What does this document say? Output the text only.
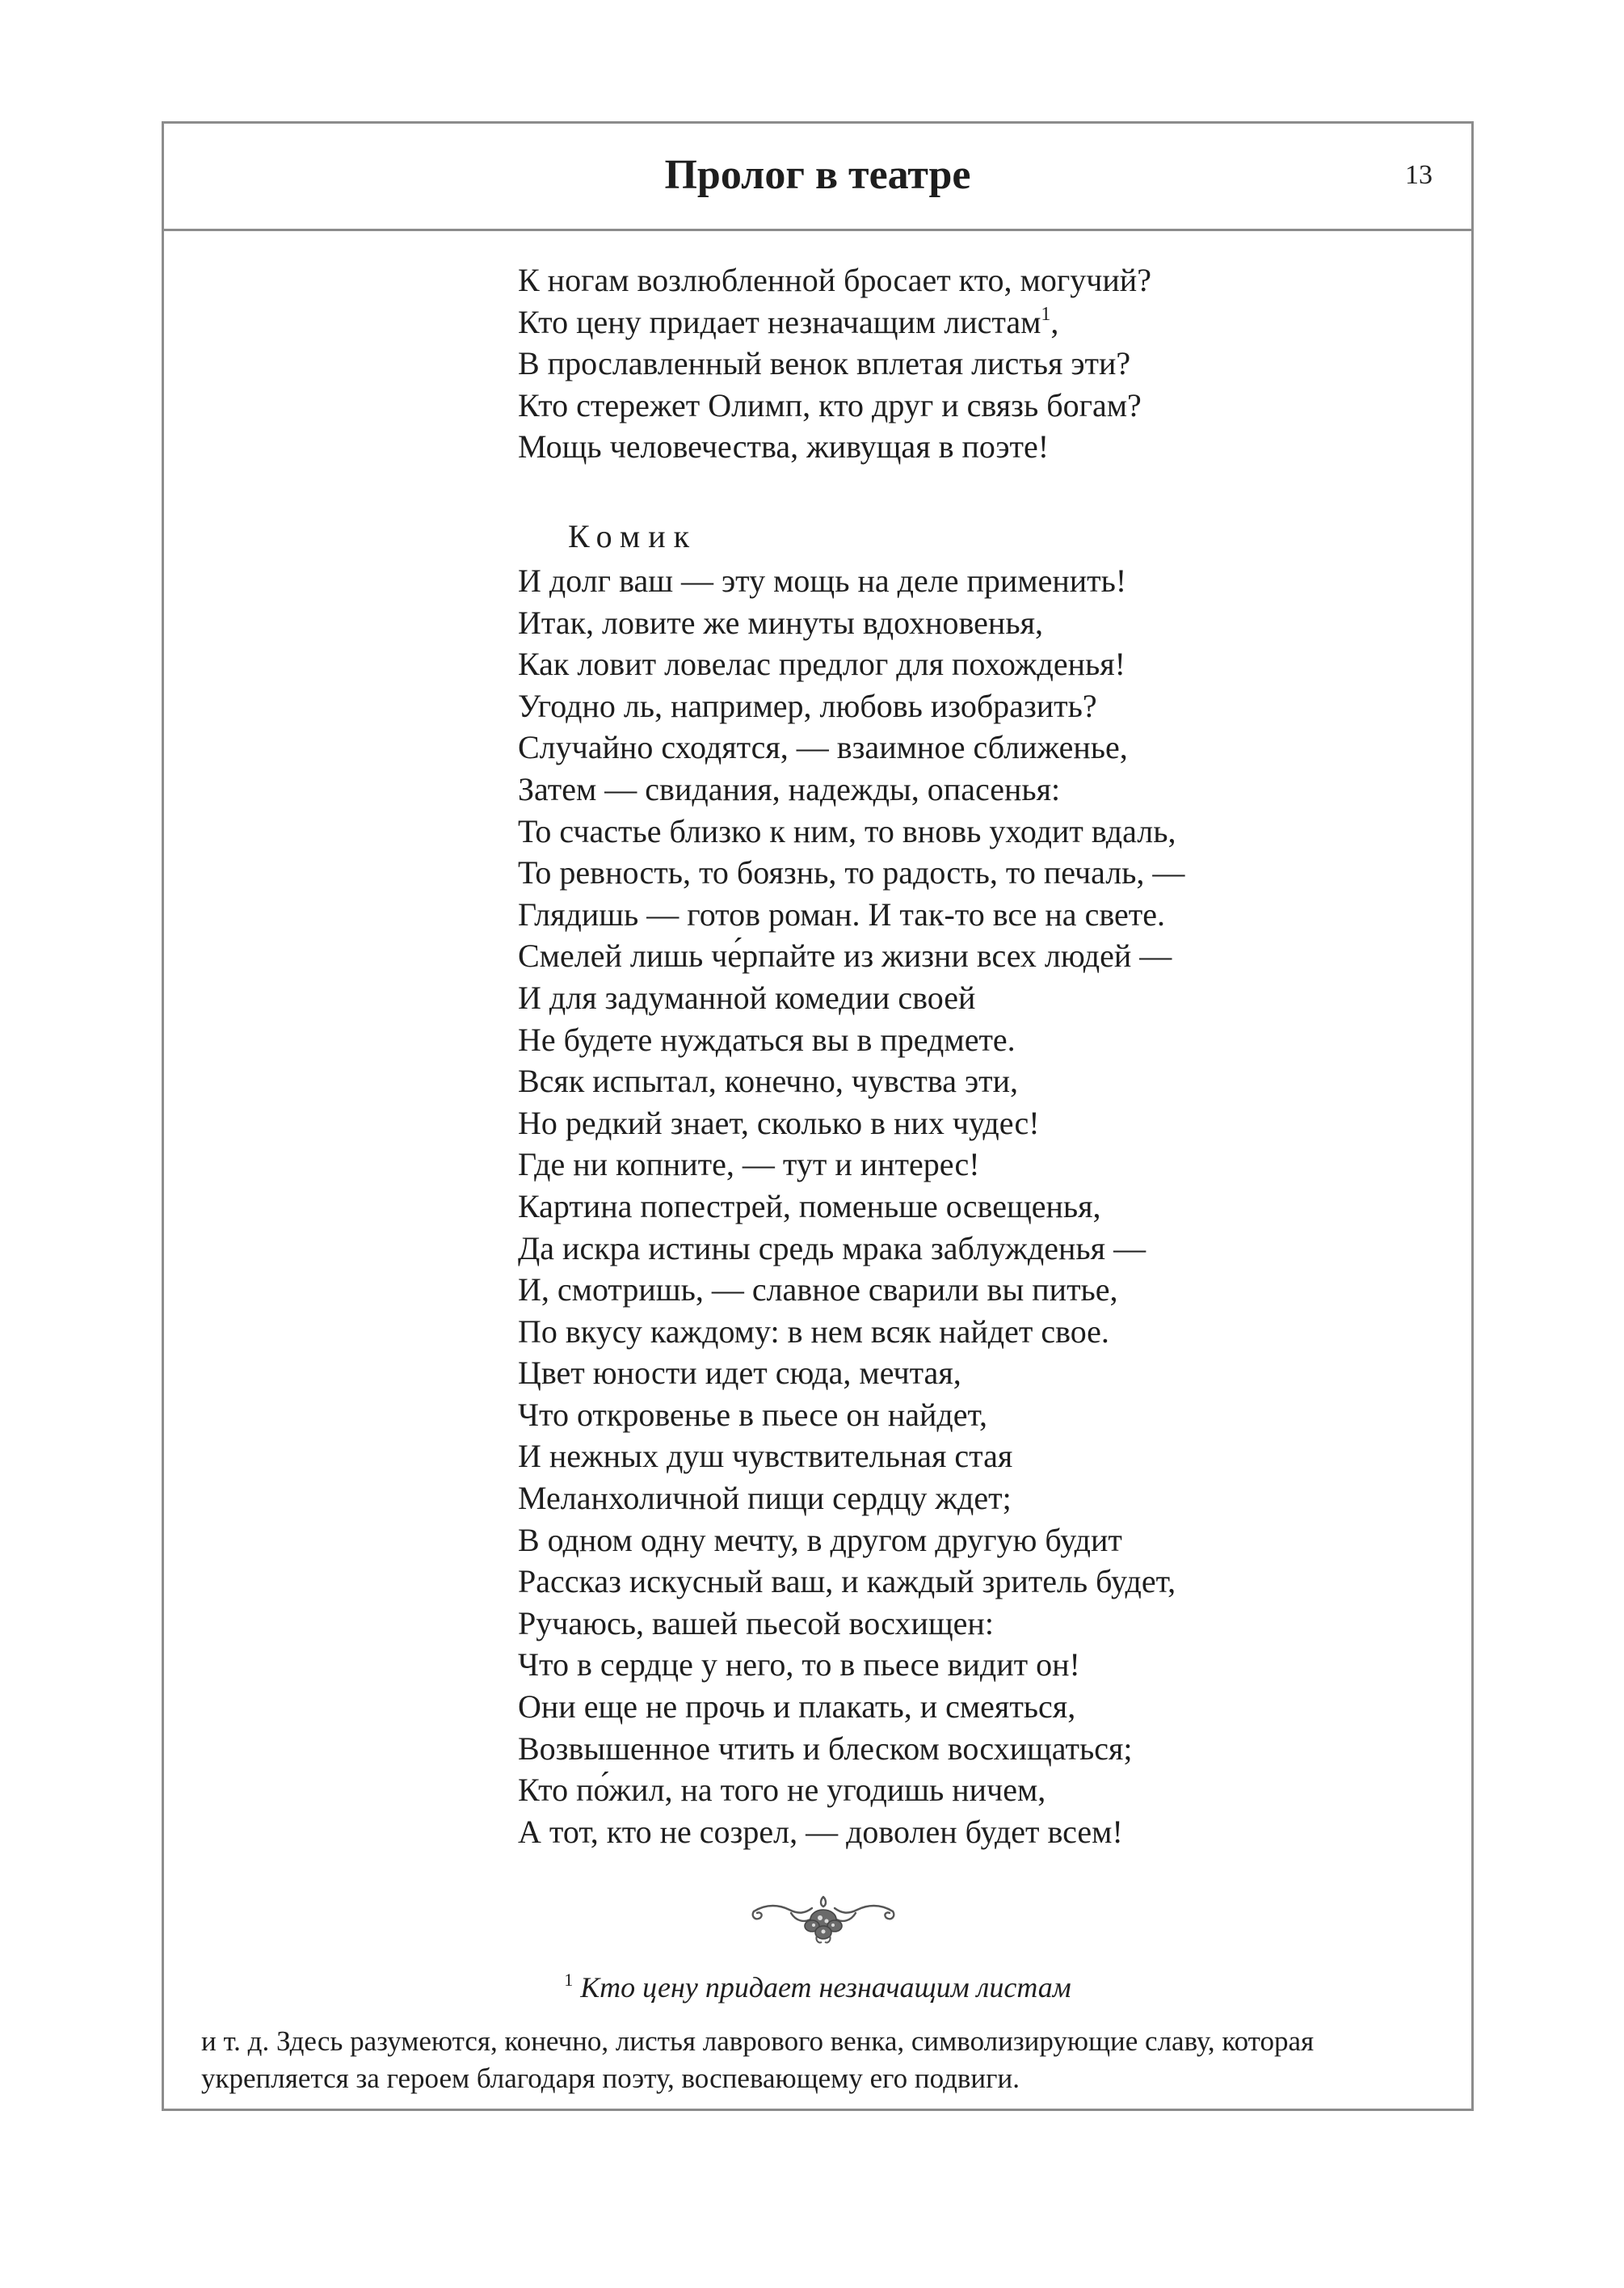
Пролог в театре	13
К ногам возлюбленной бросает кто, могучий?
Кто цену придает незначащим листам$^1$,
В прославленный венок вплетая листья эти?
Кто стережет Олимп, кто друг и связь богам?
Мощь человечества, живущая в поэте!
Комик
И долг ваш — эту мощь на деле применить!
Итак, ловите же минуты вдохновенья,
Как ловит ловелас предлог для похожденья!
Угодно ль, например, любовь изобразить?
Случайно сходятся, — взаимное сближенье,
Затем — свидания, надежды, опасенья:
То счастье близко к ним, то вновь уходит вдаль,
То ревность, то боязнь, то радость, то печаль, —
Глядишь — готов роман. И так-то все на свете.
Смелей лишь че́рпайте из жизни всех людей —
И для задуманной комедии своей
Не будете нуждаться вы в предмете.
Всяк испытал, конечно, чувства эти,
Но редкий знает, сколько в них чудес!
Где ни копните, — тут и интерес!
Картина попестрей, поменьше освещенья,
Да искра истины средь мрака заблужденья —
И, смотришь, — славное сварили вы питье,
По вкусу каждому: в нем всяк найдет свое.
Цвет юности идет сюда, мечтая,
Что откровенье в пьесе он найдет,
И нежных душ чувствительная стая
Меланхоличной пищи сердцу ждет;
В одном одну мечту, в другом другую будит
Рассказ искусный ваш, и каждый зритель будет,
Ручаюсь, вашей пьесой восхищен:
Что в сердце у него, то в пьесе видит он!
Они еще не прочь и плакать, и смеяться,
Возвышенное чтить и блеском восхищаться;
Кто по́жил, на того не угодишь ничем,
А тот, кто не созрел, — доволен будет всем!
$^1$ Кто цену придает незначащим листам
и т. д. Здесь разумеются, конечно, листья лаврового венка, символизирующие славу, которая
укрепляется за героем благодаря поэту, воспевающему его подвиги.
